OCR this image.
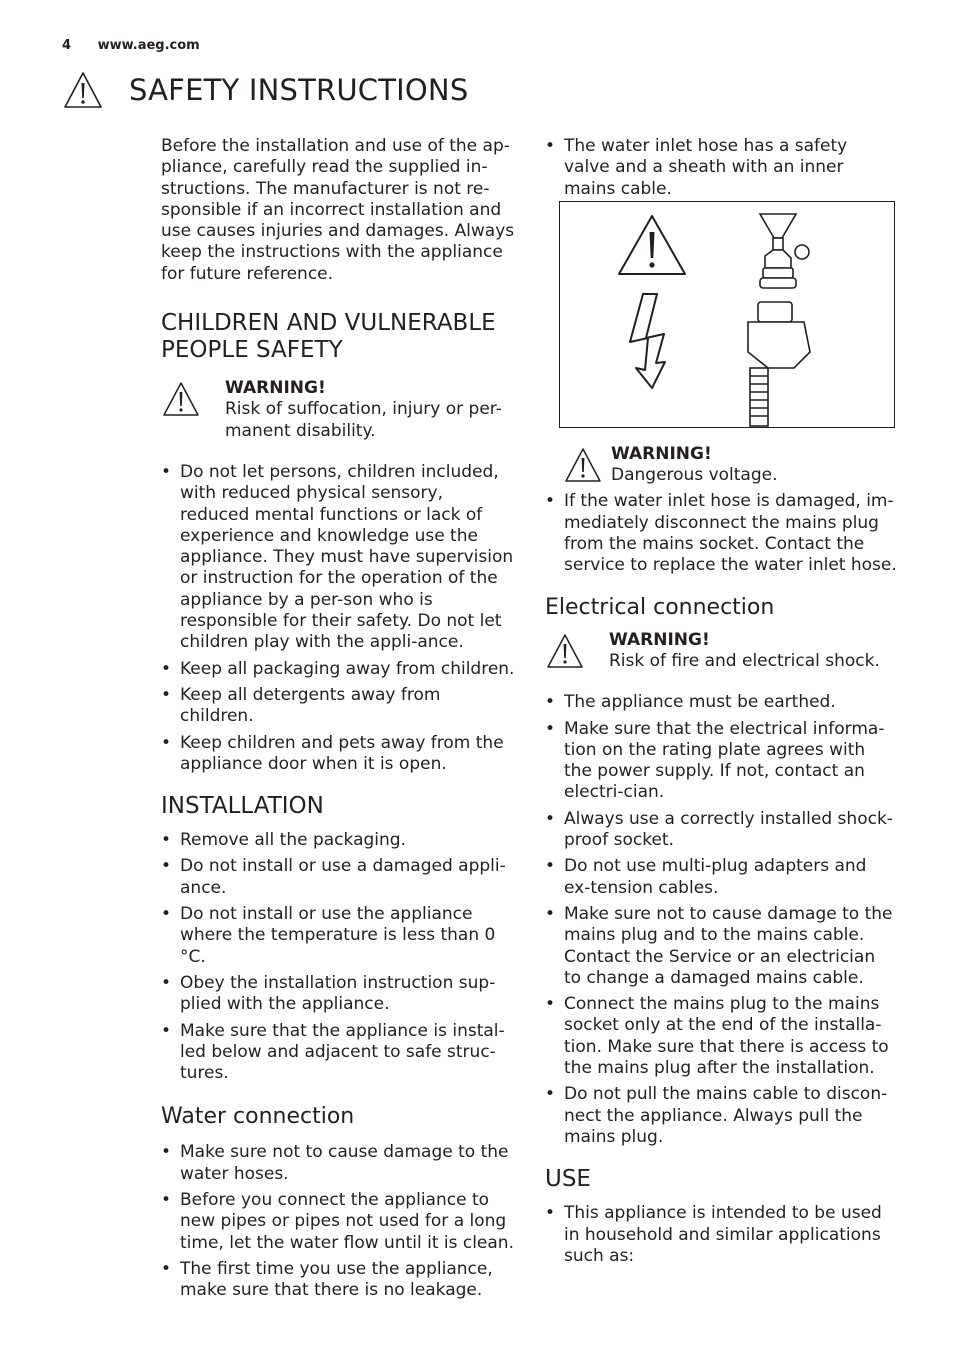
4 www.aeg.com
SAFETY INSTRUCTIONS

Before the installation and use of the ap-pliance, carefully read the supplied in-structions. The manufacturer is not re-sponsible if an incorrect installation and use causes injuries and damages. Always keep the instructions with the appliance for future reference.

CHILDREN AND VULNERABLE PEOPLE SAFETY
WARNING!
Risk of suffocation, injury or per-manent disability.
• Do not let persons, children included, with reduced physical sensory, reduced mental functions or lack of experience and knowledge use the appliance. They must have supervision or instruction for the operation of the appliance by a per-son who is responsible for their safety. Do not let children play with the appli-ance.
• Keep all packaging away from children.
• Keep all detergents away from children.
• Keep children and pets away from the appliance door when it is open.
INSTALLATION
• Remove all the packaging.
• Do not install or use a damaged appli-ance.
• Do not install or use the appliance where the temperature is less than 0 °C.
• Obey the installation instruction sup-plied with the appliance.
• Make sure that the appliance is instal-led below and adjacent to safe struc-tures.
Water connection
• Make sure not to cause damage to the water hoses.
• Before you connect the appliance to new pipes or pipes not used for a long time, let the water flow until it is clean.
• The first time you use the appliance, make sure that there is no leakage.
• The water inlet hose has a safety valve and a sheath with an inner mains cable.
WARNING!
Dangerous voltage.
• If the water inlet hose is damaged, im-mediately disconnect the mains plug from the mains socket. Contact the service to replace the water inlet hose.
Electrical connection
WARNING!
Risk of fire and electrical shock.
• The appliance must be earthed.
• Make sure that the electrical informa-tion on the rating plate agrees with the power supply. If not, contact an electri-cian.
• Always use a correctly installed shock-proof socket.
• Do not use multi-plug adapters and ex-tension cables.
• Make sure not to cause damage to the mains plug and to the mains cable. Contact the Service or an electrician to change a damaged mains cable.
• Connect the mains plug to the mains socket only at the end of the installa-tion. Make sure that there is access to the mains plug after the installation.
• Do not pull the mains cable to discon-nect the appliance. Always pull the mains plug.
USE
• This appliance is intended to be used in household and similar applications such as:
